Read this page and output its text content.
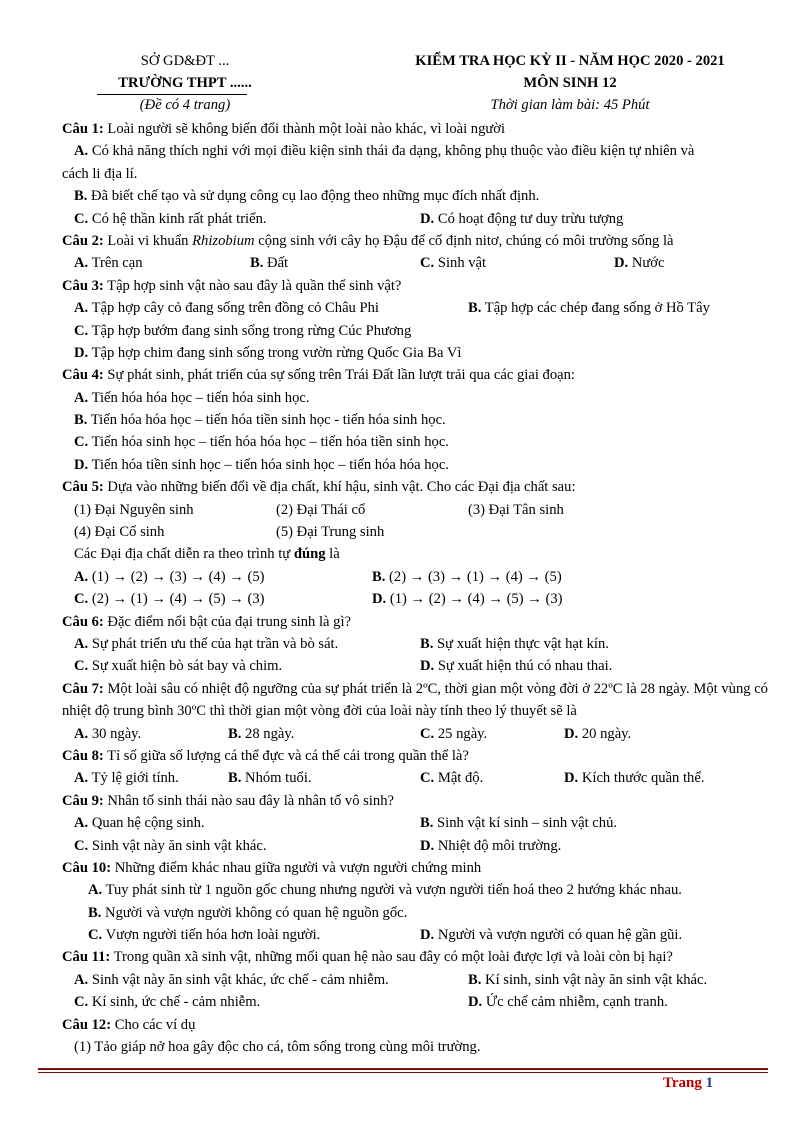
SỞ GD&ĐT ...
TRƯỜNG THPT ......
(Đề có 4 trang)
KIỂM TRA HỌC KỲ II - NĂM HỌC 2020 - 2021
MÔN SINH 12
Thời gian làm bài: 45 Phút
Câu 1: Loài người sẽ không biến đổi thành một loài nào khác, vì loài người
A. Có khả năng thích nghi với mọi điều kiện sinh thái đa dạng, không phụ thuộc vào điều kiện tự nhiên và
cách li địa lí.
B. Đã biết chế tạo và sử dụng công cụ lao động theo những mục đích nhất định.
C. Có hệ thần kinh rất phát triển.	D. Có hoạt động tư duy trừu tượng
Câu 2: Loài vi khuẩn Rhizobium cộng sinh với cây họ Đậu để cố định nitơ, chúng có môi trường sống là
A. Trên cạn	B. Đất	C. Sinh vật	D. Nước
Câu 3: Tập hợp sinh vật nào sau đây là quần thể sinh vật?
A. Tập hợp cây cỏ đang sống trên đồng cỏ Châu Phi	B. Tập hợp các chép đang sống ở Hồ Tây
C. Tập hợp bướm đang sinh sống trong rừng Cúc Phương
D. Tập hợp chim đang sinh sống trong vườn rừng Quốc Gia Ba Vì
Câu 4: Sự phát sinh, phát triển của sự sống trên Trái Đất lần lượt trải qua các giai đoạn:
A. Tiến hóa hóa học – tiến hóa sinh học.
B. Tiến hóa hóa học – tiến hóa tiền sinh học - tiến hóa sinh học.
C. Tiến hóa sinh học – tiến hóa hóa học – tiến hóa tiền sinh học.
D. Tiến hóa tiền sinh học – tiến hóa sinh học – tiến hóa hóa học.
Câu 5: Dựa vào những biến đổi về địa chất, khí hậu, sinh vật. Cho các Đại địa chất sau:
(1) Đại Nguyên sinh	(2) Đại Thái cổ	(3) Đại Tân sinh
(4) Đại Cổ sinh	(5) Đại Trung sinh
Các Đại địa chất diễn ra theo trình tự đúng là
A. (1) → (2) → (3) → (4) → (5)	B. (2) → (3) → (1) → (4) → (5)
C. (2) → (1) → (4) → (5) → (3)	D. (1) → (2) → (4) → (5) → (3)
Câu 6: Đặc điểm nổi bật của đại trung sinh là gì?
A. Sự phát triển ưu thế của hạt trần và bò sát.	B. Sự xuất hiện thực vật hạt kín.
C. Sự xuất hiện bò sát bay và chim.	D. Sự xuất hiện thú có nhau thai.
Câu 7: Một loài sâu có nhiệt độ ngưỡng của sự phát triển là 2ºC, thời gian một vòng đời ở 22ºC là 28 ngày. Một vùng có nhiệt độ trung bình 30ºC thì thời gian một vòng đời của loài này tính theo lý thuyết sẽ là
A. 30 ngày.	B. 28 ngày.	C. 25 ngày.	D. 20 ngày.
Câu 8: Tỉ số giữa số lượng cá thể đực và cá thể cái trong quần thể là?
A. Tỷ lệ giới tính.	B. Nhóm tuổi.	C. Mật độ.	D. Kích thước quần thể.
Câu 9: Nhân tố sinh thái nào sau đây là nhân tố vô sinh?
A. Quan hệ cộng sinh.	B. Sinh vật kí sinh – sinh vật chủ.
C. Sinh vật này ăn sinh vật khác.	D. Nhiệt độ môi trường.
Câu 10: Những điểm khác nhau giữa người và vượn người chứng minh
A. Tuy phát sinh từ 1 nguồn gốc chung nhưng người và vượn người tiến hoá theo 2 hướng khác nhau.
B. Người và vượn người không có quan hệ nguồn gốc.
C. Vượn người tiến hóa hơn loài người.	D. Người và vượn người có quan hệ gần gũi.
Câu 11: Trong quần xã sinh vật, những mối quan hệ nào sau đây có một loài được lợi và loài còn bị hại?
A. Sinh vật này ăn sinh vật khác, ức chế - cảm nhiễm.	B. Kí sinh, sinh vật này ăn sinh vật khác.
C. Kí sinh, ức chế - cảm nhiễm.	D. Ức chế cảm nhiễm, cạnh tranh.
Câu 12: Cho các ví dụ
(1) Tảo giáp nở hoa gây độc cho cá, tôm sống trong cùng môi trường.
Trang 1
